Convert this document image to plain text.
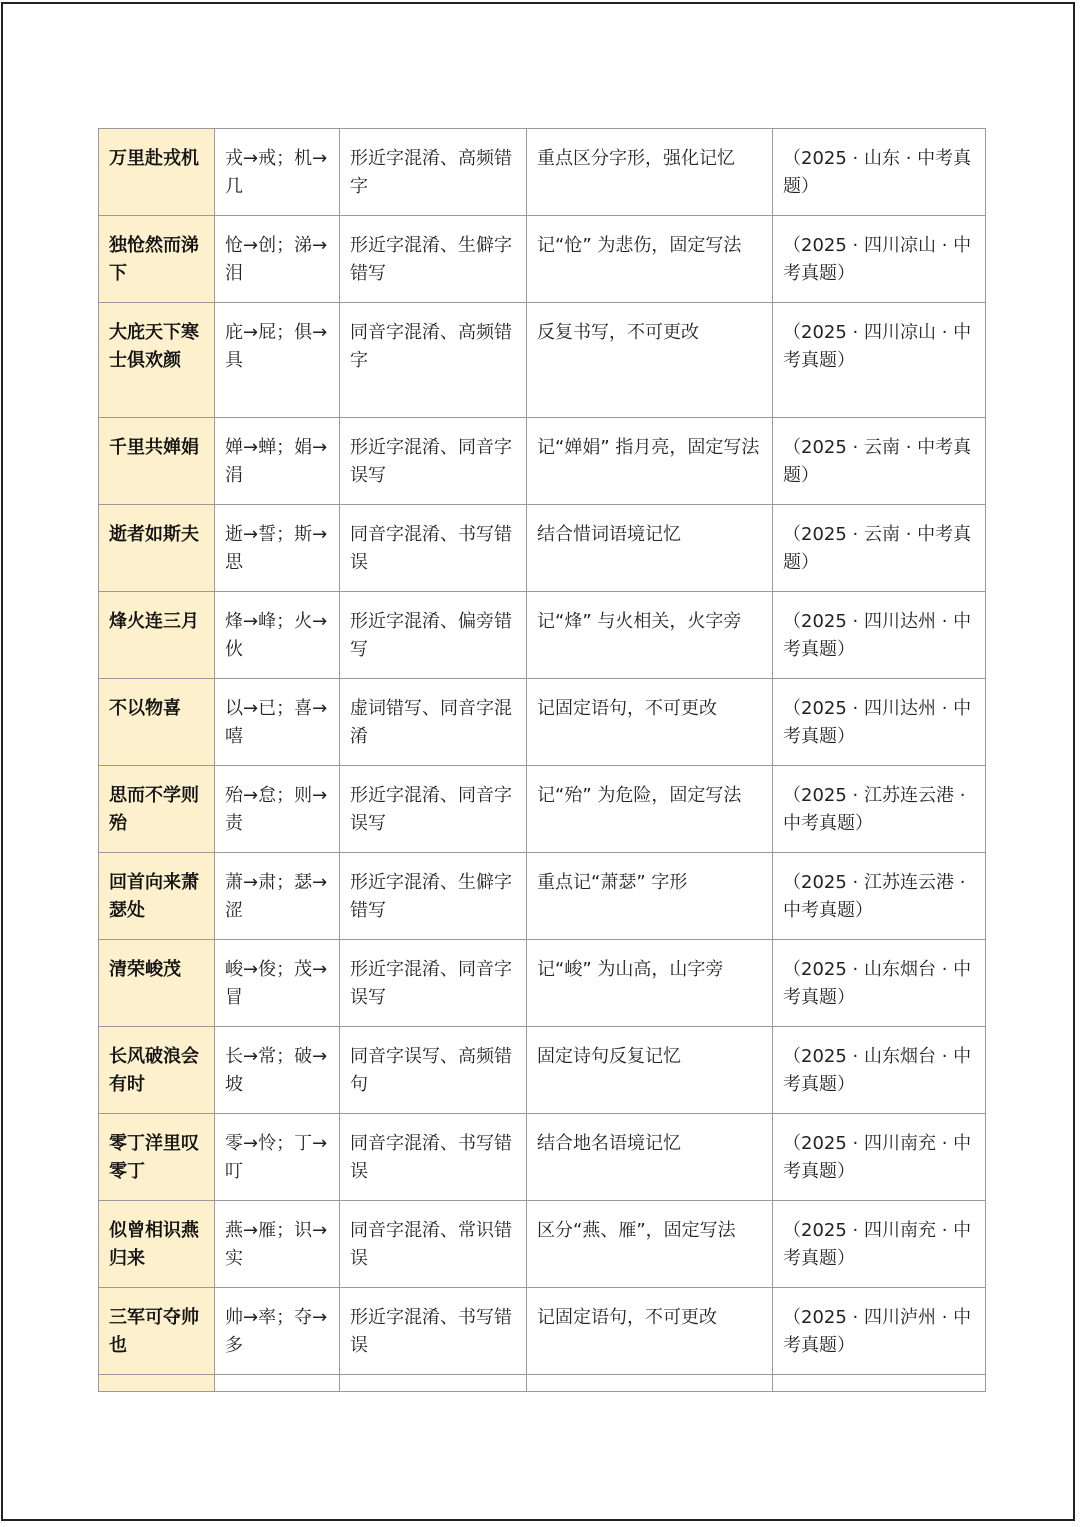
万里赴戎机	戎→戒；机→几	形近字混淆、高频错字	重点区分字形，强化记忆	（2025 · 山东 · 中考真题）
独怆然而涕下	怆→创；涕→泪	形近字混淆、生僻字错写	记“怆” 为悲伤，固定写法	（2025 · 四川凉山 · 中考真题）
大庇天下寒士俱欢颜	庇→屁；俱→具	同音字混淆、高频错字	反复书写，不可更改	（2025 · 四川凉山 · 中考真题）
千里共婵娟	婵→蝉；娟→涓	形近字混淆、同音字误写	记“婵娟” 指月亮，固定写法	（2025 · 云南 · 中考真题）
逝者如斯夫	逝→誓；斯→思	同音字混淆、书写错误	结合惜词语境记忆	（2025 · 云南 · 中考真题）
烽火连三月	烽→峰；火→伙	形近字混淆、偏旁错写	记“烽” 与火相关，火字旁	（2025 · 四川达州 · 中考真题）
不以物喜	以→已；喜→嘻	虚词错写、同音字混淆	记固定语句，不可更改	（2025 · 四川达州 · 中考真题）
思而不学则殆	殆→怠；则→责	形近字混淆、同音字误写	记“殆” 为危险，固定写法	（2025 · 江苏连云港 · 中考真题）
回首向来萧瑟处	萧→肃；瑟→涩	形近字混淆、生僻字错写	重点记“萧瑟” 字形	（2025 · 江苏连云港 · 中考真题）
清荣峻茂	峻→俊；茂→冒	形近字混淆、同音字误写	记“峻” 为山高，山字旁	（2025 · 山东烟台 · 中考真题）
长风破浪会有时	长→常；破→坡	同音字误写、高频错句	固定诗句反复记忆	（2025 · 山东烟台 · 中考真题）
零丁洋里叹零丁	零→怜；丁→叮	同音字混淆、书写错误	结合地名语境记忆	（2025 · 四川南充 · 中考真题）
似曾相识燕归来	燕→雁；识→实	同音字混淆、常识错误	区分“燕、雁”，固定写法	（2025 · 四川南充 · 中考真题）
三军可夺帅也	帅→率；夺→多	形近字混淆、书写错误	记固定语句，不可更改	（2025 · 四川泸州 · 中考真题）
